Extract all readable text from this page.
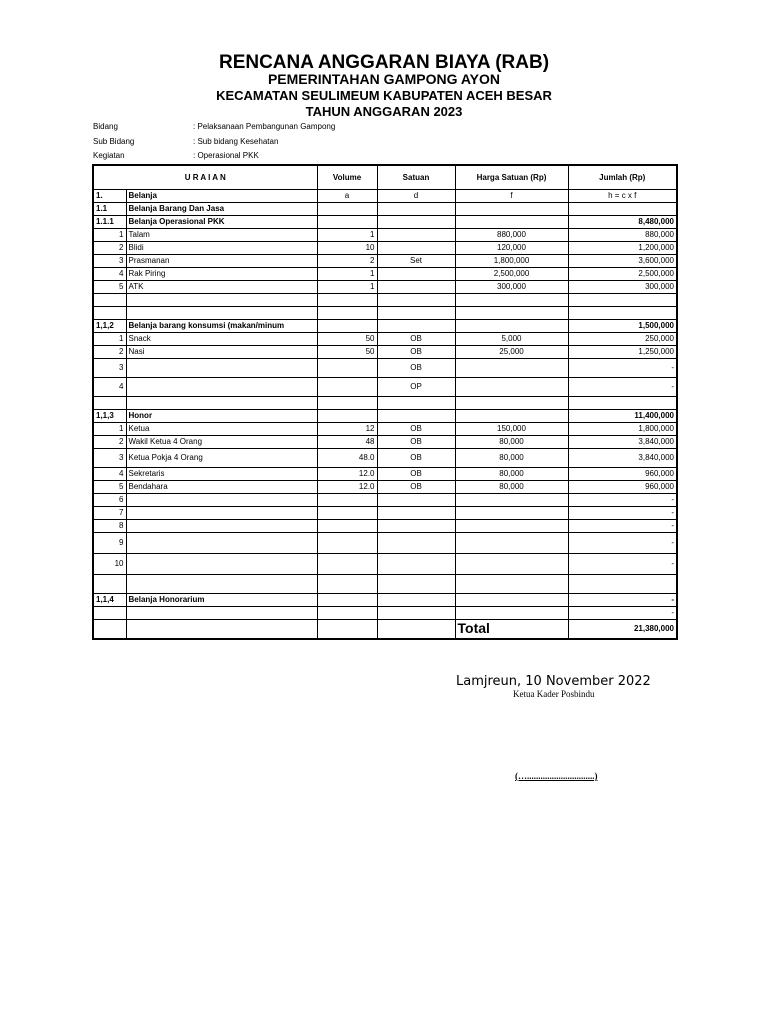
RENCANA ANGGARAN BIAYA (RAB)
PEMERINTAHAN GAMPONG AYON
KECAMATAN SEULIMEUM KABUPATEN ACEH BESAR
TAHUN ANGGARAN 2023
Bidang	: Pelaksanaan Pembangunan Gampong
Sub Bidang	: Sub bidang Kesehatan
Kegiatan	: Operasional PKK
U R A I A N		Volume	Satuan	Harga Satuan (Rp)	Jumlah (Rp)
1.	Belanja	a	d	f	h = c x f
1.1	Belanja Barang Dan Jasa				
1.1.1	Belanja Operasional PKK				8,480,000
1	Talam	1		880,000	880,000
2	Blidi	10		120,000	1,200,000
3	Prasmanan	2	Set	1,800,000	3,600,000
4	Rak Piring	1		2,500,000	2,500,000
5	ATK	1		300,000	300,000

1,1,2	Belanja barang konsumsi (makan/minum				1,500,000
1	Snack	50	OB	5,000	250,000
2	Nasi	50	OB	25,000	1,250,000
3			OB		-
4			OP		-

1,1,3	Honor				11,400,000
1	Ketua	12	OB	150,000	1,800,000
2	Wakil Ketua 4 Orang	48	OB	80,000	3,840,000
3	Ketua Pokja 4 Orang	48.0	OB	80,000	3,840,000
4	Sekretaris	12.0	OB	80,000	960,000
5	Bendahara	12.0	OB	80,000	960,000
6					-
7					-
8					-
9					-
10					-

1,1,4	Belanja Honorarium				-
					-
				Total	21,380,000
Lamjreun, 10 November 2022
Ketua Kader Posbindu
(…..............................)
